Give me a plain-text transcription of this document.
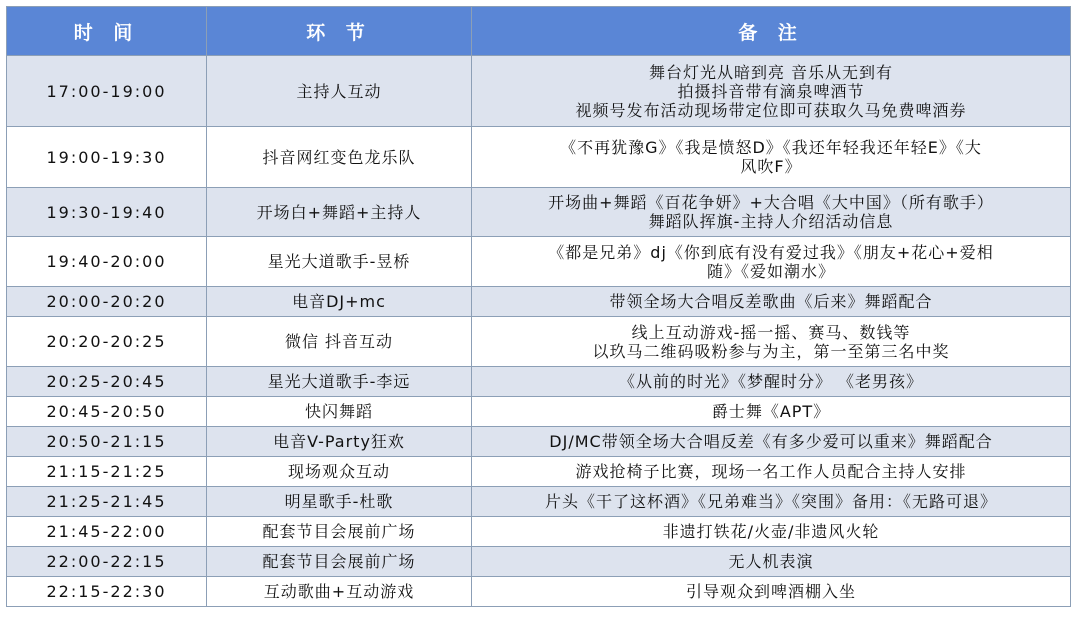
时 间	环 节	备 注
17:00-19:00	主持人互动	舞台灯光从暗到亮 音乐从无到有
拍摄抖音带有滴泉啤酒节
视频号发布活动现场带定位即可获取久马免费啤酒券

19:00-19:30	抖音网红变色龙乐队	《不再犹豫G》《我是愤怒D》《我还年轻我还年轻E》《大
风吹F》

19:30-19:40	开场白+舞蹈+主持人	开场曲+舞蹈《百花争妍》+大合唱《大中国》（所有歌手）
舞蹈队挥旗-主持人介绍活动信息

19:40-20:00	星光大道歌手-昱桥	《都是兄弟》dj《你到底有没有爱过我》《朋友+花心+爱相
随》《爱如潮水》

20:00-20:20	电音DJ+mc	带领全场大合唱反差歌曲《后来》舞蹈配合

20:20-20:25	微信 抖音互动	线上互动游戏-摇一摇、赛马、数钱等
以玖马二维码吸粉参与为主，第一至第三名中奖

20:25-20:45	星光大道歌手-李远	《从前的时光》《梦醒时分》 《老男孩》

20:45-20:50	快闪舞蹈	爵士舞《APT》

20:50-21:15	电音V-Party狂欢	DJ/MC带领全场大合唱反差《有多少爱可以重来》舞蹈配合

21:15-21:25	现场观众互动	游戏抢椅子比赛，现场一名工作人员配合主持人安排

21:25-21:45	明星歌手-杜歌	片头《干了这杯酒》《兄弟难当》《突围》备用：《无路可退》

21:45-22:00	配套节目会展前广场	非遗打铁花/火壶/非遗风火轮

22:00-22:15	配套节目会展前广场	无人机表演

22:15-22:30	互动歌曲+互动游戏	引导观众到啤酒棚入坐
